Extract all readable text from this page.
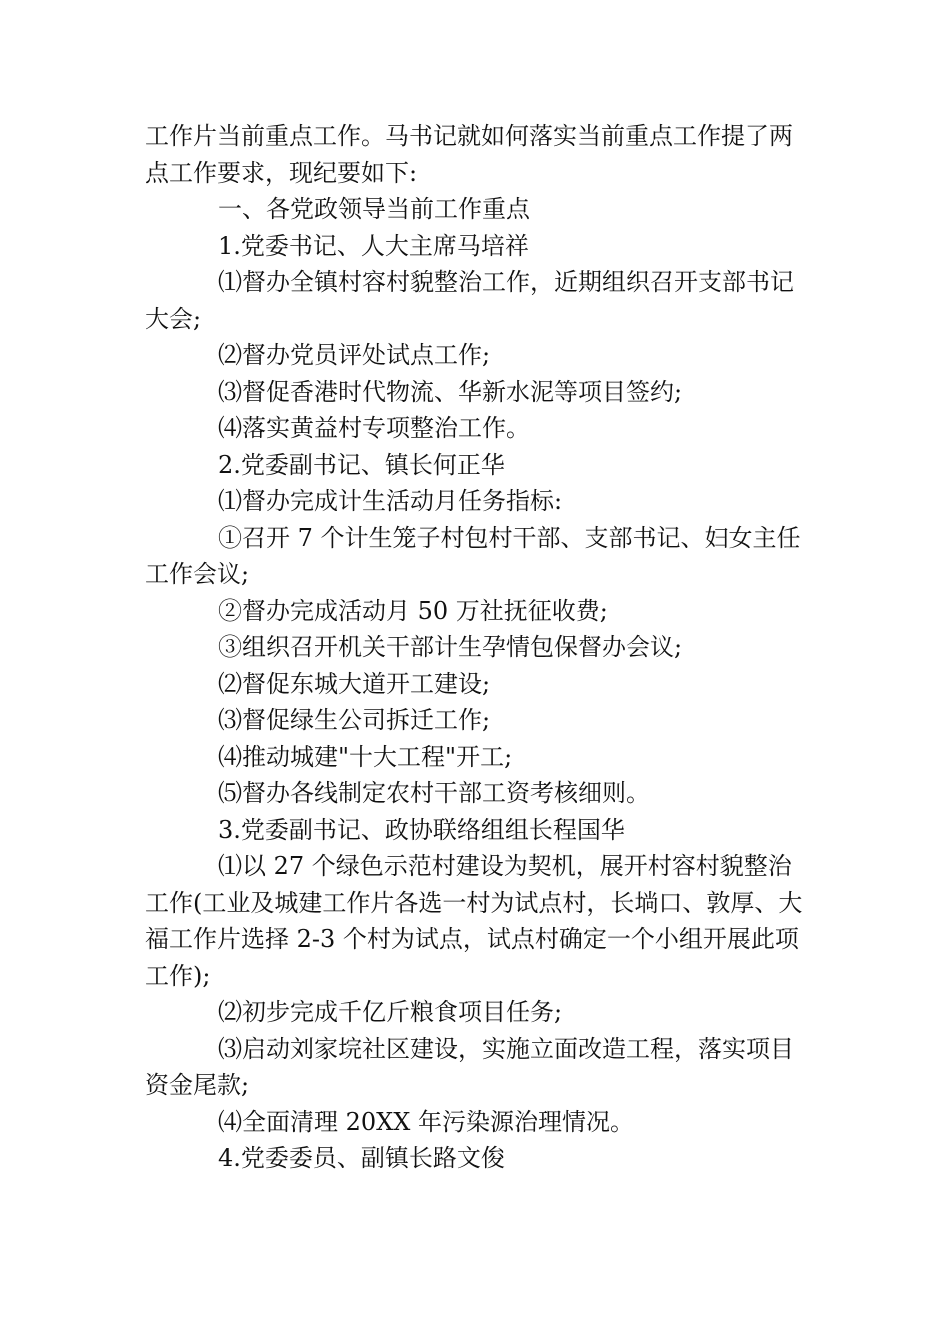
工作片当前重点工作。马书记就如何落实当前重点工作提了两点工作要求，现纪要如下:

一、各党政领导当前工作重点

1.党委书记、人大主席马培祥

⑴督办全镇村容村貌整治工作，近期组织召开支部书记大会;

⑵督办党员评处试点工作;

⑶督促香港时代物流、华新水泥等项目签约;

⑷落实黄益村专项整治工作。

2.党委副书记、镇长何正华

⑴督办完成计生活动月任务指标:

①召开 7 个计生笼子村包村干部、支部书记、妇女主任工作会议;

②督办完成活动月 50 万社抚征收费;

③组织召开机关干部计生孕情包保督办会议;

⑵督促东城大道开工建设;

⑶督促绿生公司拆迁工作;

⑷推动城建"十大工程"开工;

⑸督办各线制定农村干部工资考核细则。

3.党委副书记、政协联络组组长程国华

⑴以 27 个绿色示范村建设为契机，展开村容村貌整治工作(工业及城建工作片各选一村为试点村，长埫口、敦厚、大福工作片选择 2-3 个村为试点，试点村确定一个小组开展此项工作);

⑵初步完成千亿斤粮食项目任务;

⑶启动刘家垸社区建设，实施立面改造工程，落实项目资金尾款;

⑷全面清理 20XX 年污染源治理情况。

4.党委委员、副镇长路文俊
